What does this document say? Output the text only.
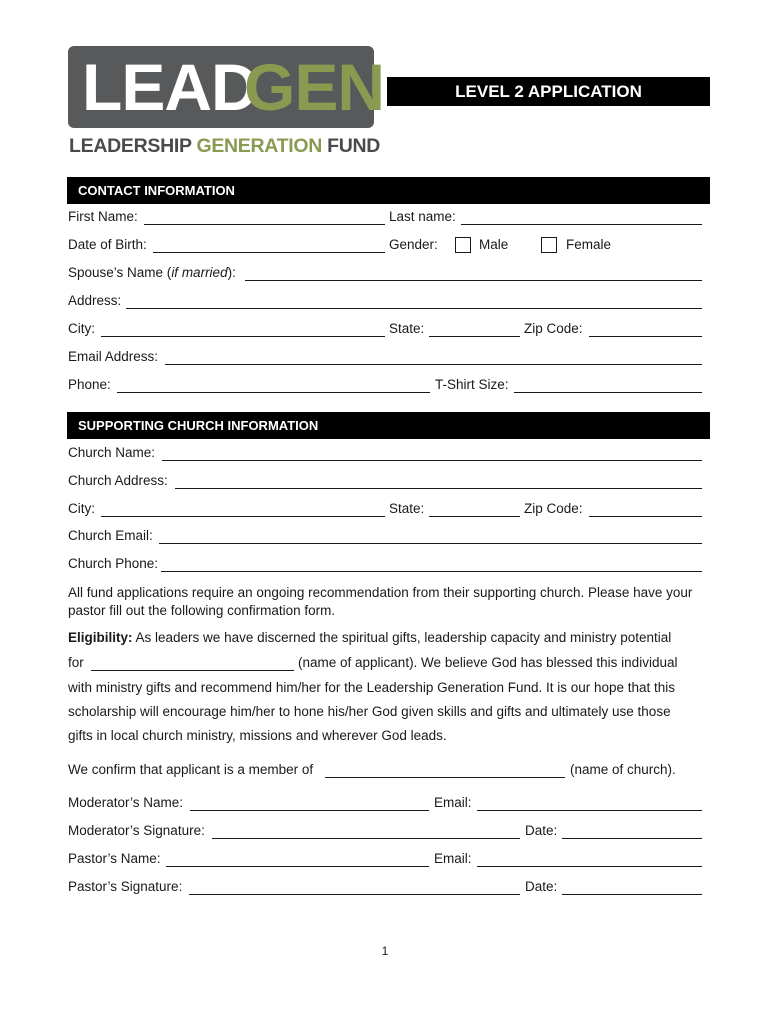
LEAD
GEN
LEADERSHIP GENERATION FUND
LEVEL 2 APPLICATION
CONTACT INFORMATION
First Name:	Last name:
Date of Birth:	Gender:	Male	Female
Spouse’s Name (if married):
Address:
City:	State:	Zip Code:
Email Address:
Phone:	T-Shirt Size:
SUPPORTING CHURCH INFORMATION
Church Name:
Church Address:
City:	State:	Zip Code:
Church Email:
Church Phone:
All fund applications require an ongoing recommendation from their supporting church. Please have your pastor fill out the following confirmation form.
Eligibility: As leaders we have discerned the spiritual gifts, leadership capacity and ministry potential
for	(name of applicant). We believe God has blessed this individual
with ministry gifts and recommend him/her for the Leadership Generation Fund. It is our hope that this
scholarship will encourage him/her to hone his/her God given skills and gifts and ultimately use those
gifts in local church ministry, missions and wherever God leads.
We confirm that applicant is a member of	(name of church).
Moderator’s Name:	Email:
Moderator’s Signature:	Date:
Pastor’s Name:	Email:
Pastor’s Signature:	Date:
1
